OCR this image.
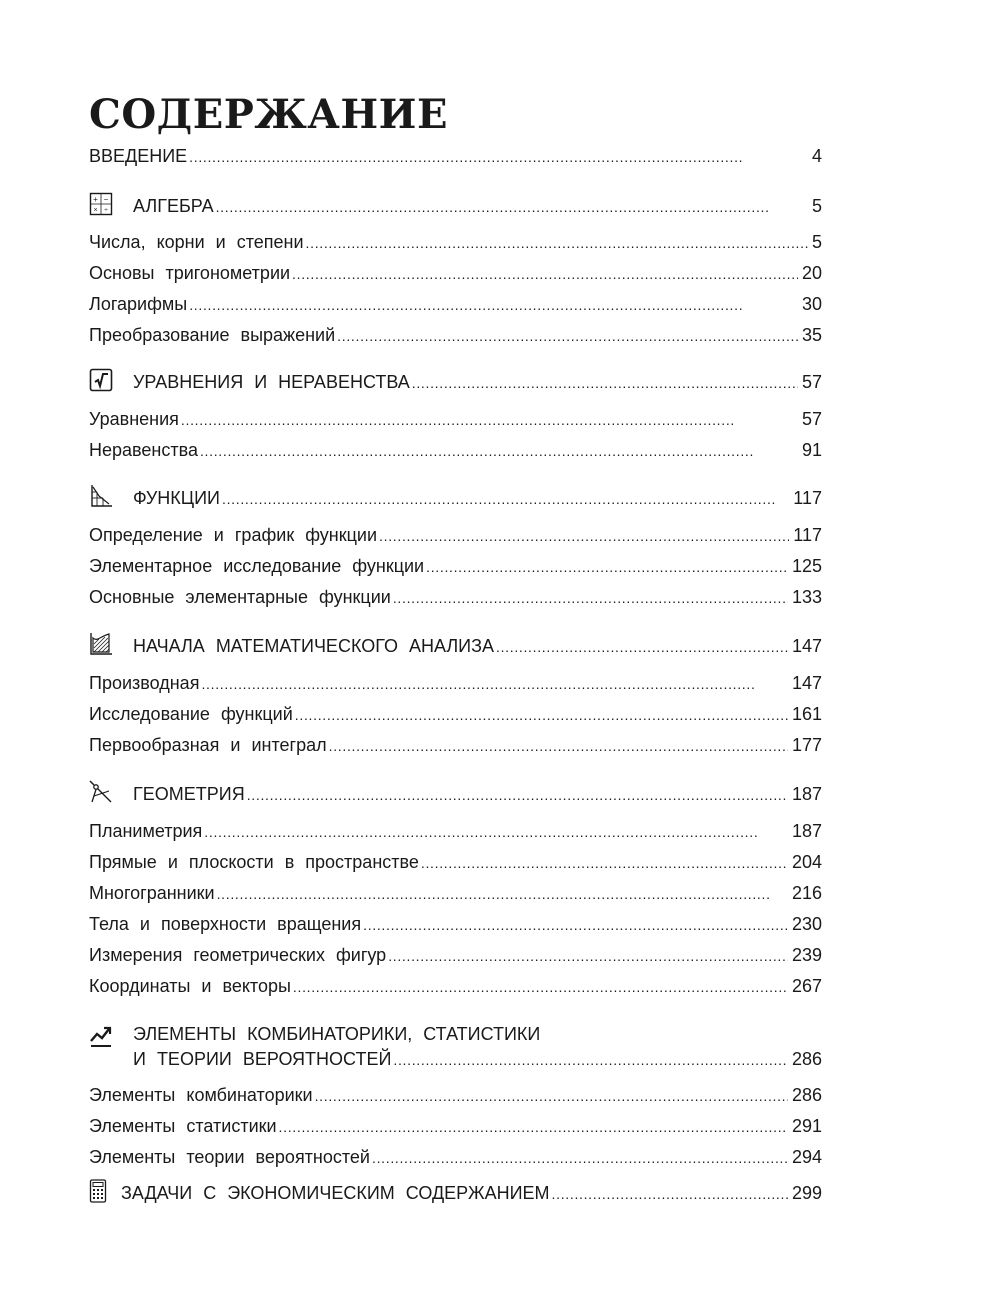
СОДЕРЖАНИЕ
ВВЕДЕНИЕ . . .	4
+ −
× ÷ АЛГЕБРА . . .	5
Числа, корни и степени . . .	5
Основы тригонометрии . . .	20
Логарифмы . . .	30
Преобразование выражений . . .	35
УРАВНЕНИЯ И НЕРАВЕНСТВА . . .	57
Уравнения . . .	57
Неравенства . . .	91
ФУНКЦИИ . . .	117
Определение и график функции . . .	117
Элементарное исследование функции . . .	125
Основные элементарные функции . . .	133
НАЧАЛА МАТЕМАТИЧЕСКОГО АНАЛИЗА . . .	147
Производная . . .	147
Исследование функций . . .	161
Первообразная и интеграл . . .	177
ГЕОМЕТРИЯ . . .	187
Планиметрия . . .	187
Прямые и плоскости в пространстве . . .	204
Многогранники . . .	216
Тела и поверхности вращения . . .	230
Измерения геометрических фигур . . .	239
Координаты и векторы . . .	267
ЭЛЕМЕНТЫ КОМБИНАТОРИКИ, СТАТИСТИКИ
И ТЕОРИИ ВЕРОЯТНОСТЕЙ . . .	286
Элементы комбинаторики . . .	286
Элементы статистики . . .	291
Элементы теории вероятностей . . .	294
ЗАДАЧИ С ЭКОНОМИЧЕСКИМ СОДЕРЖАНИЕМ . . .	299
